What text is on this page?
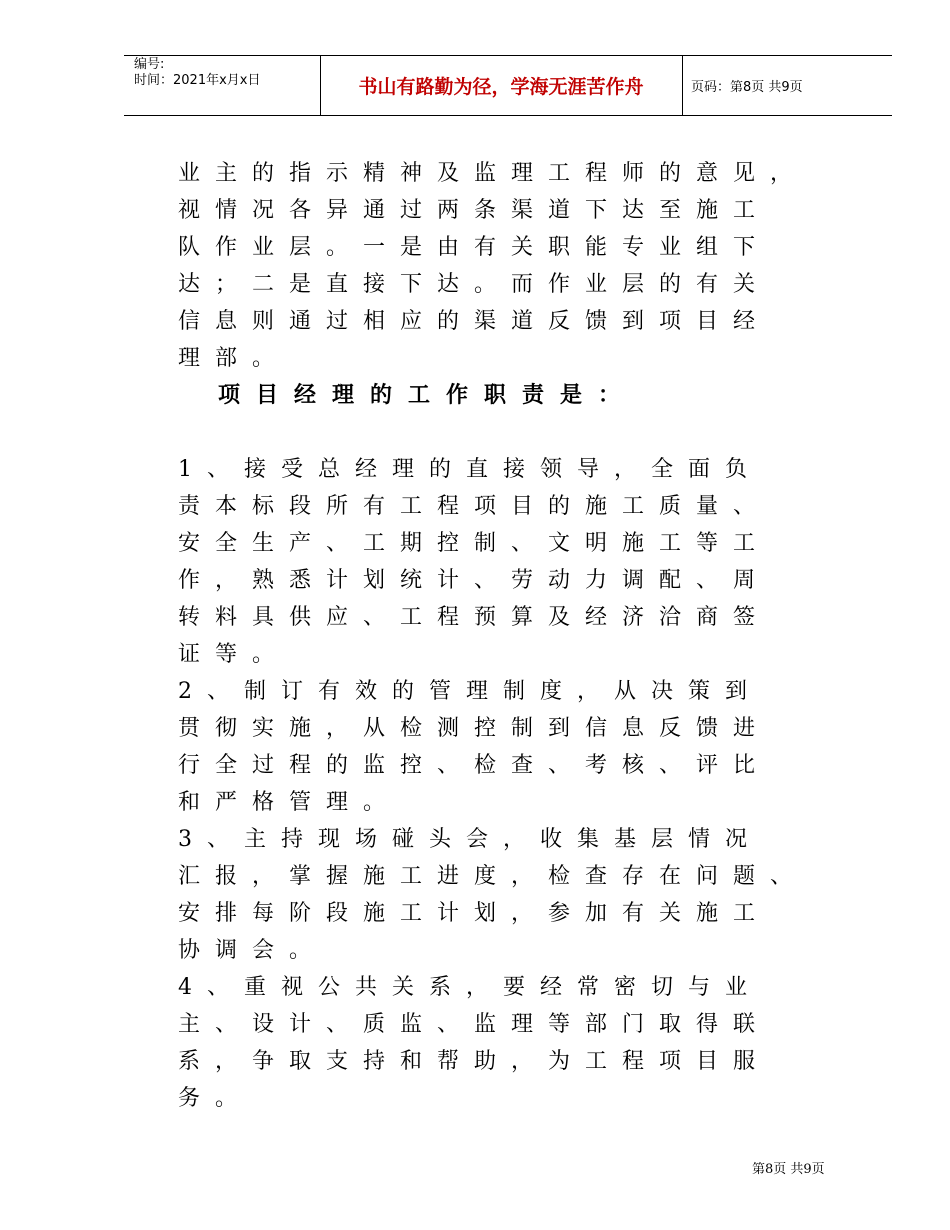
编号:
时间：2021年x月x日	书山有路勤为径，学海无涯苦作舟	页码：第8页 共9页
业主的指示精神及监理工程师的意见，
视情况各异通过两条渠道下达至施工
队作业层。一是由有关职能专业组下
达；二是直接下达。而作业层的有关
信息则通过相应的渠道反馈到项目经
理部。
项目经理的工作职责是：
1、接受总经理的直接领导，全面负
责本标段所有工程项目的施工质量、
安全生产、工期控制、文明施工等工
作，熟悉计划统计、劳动力调配、周
转料具供应、工程预算及经济洽商签
证等。
2、制订有效的管理制度，从决策到
贯彻实施，从检测控制到信息反馈进
行全过程的监控、检查、考核、评比
和严格管理。
3、主持现场碰头会，收集基层情况
汇报，掌握施工进度，检查存在问题、
安排每阶段施工计划，参加有关施工
协调会。
4、重视公共关系，要经常密切与业
主、设计、质监、监理等部门取得联
系，争取支持和帮助，为工程项目服
务。
第8页 共9页
